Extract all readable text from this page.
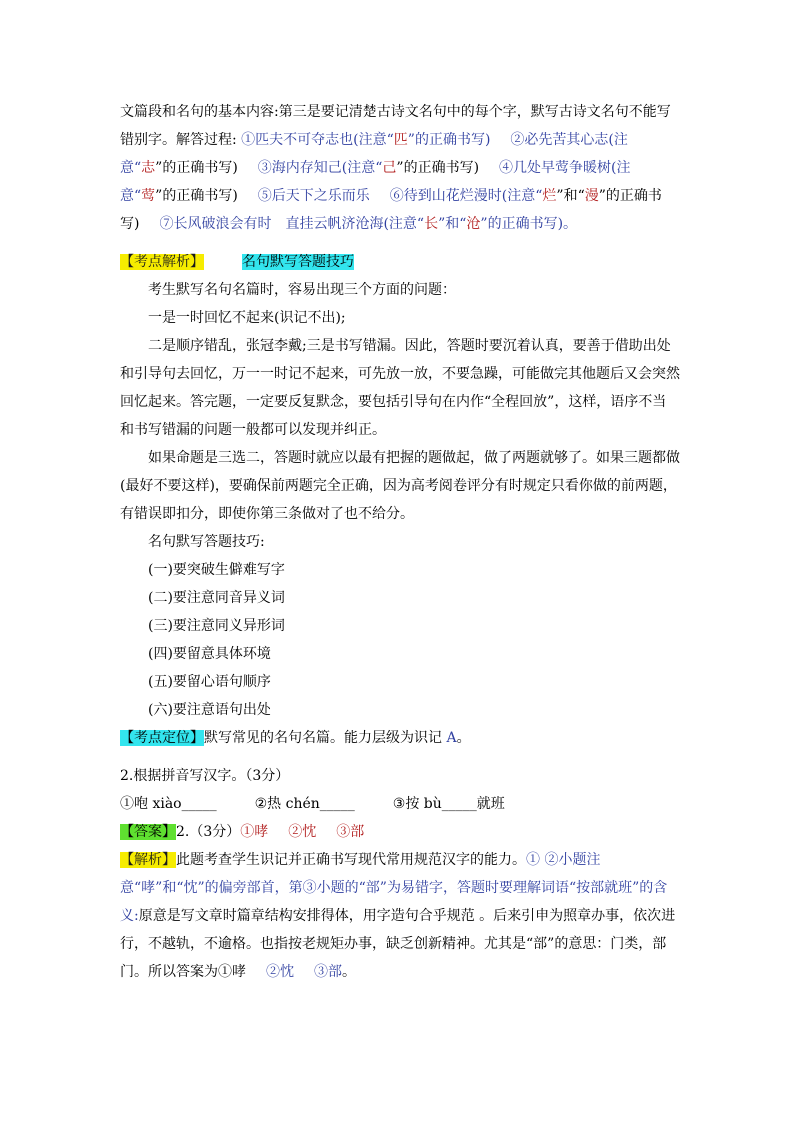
文篇段和名句的基本内容:第三是要记清楚古诗文名句中的每个字，默写古诗文名句不能写错别字。解答过程: ①匹夫不可夺志也(注意“匹”的正确书写) ②必先苦其心志(注意“志”的正确书写) ③海内存知己(注意“己”的正确书写) ④几处早莺争暖树(注意“莺”的正确书写) ⑤后天下之乐而乐 ⑥待到山花烂漫时(注意“烂”和“漫”的正确书写) ⑦长风破浪会有时　直挂云帆济沧海(注意“长”和“沧”的正确书写)。

【考点解析】	名句默写答题技巧

考生默写名句名篇时，容易出现三个方面的问题：

一是一时回忆不起来(识记不出);

二是顺序错乱，张冠李戴;三是书写错漏。因此，答题时要沉着认真，要善于借助出处和引导句去回忆，万一一时记不起来，可先放一放，不要急躁，可能做完其他题后又会突然回忆起来。答完题，一定要反复默念，要包括引导句在内作“全程回放”，这样，语序不当和书写错漏的问题一般都可以发现并纠正。

如果命题是三选二，答题时就应以最有把握的题做起，做了两题就够了。如果三题都做(最好不要这样)，要确保前两题完全正确，因为高考阅卷评分有时规定只看你做的前两题，有错误即扣分，即使你第三条做对了也不给分。

名句默写答题技巧:

(一)要突破生僻难写字

(二)要注意同音异义词

(三)要注意同义异形词

(四)要留意具体环境

(五)要留心语句顺序

(六)要注意语句出处

【考点定位】默写常见的名句名篇。能力层级为识记 A。

2.根据拼音写汉字。（3分）

①咆 xiào_____	②热 chén_____	③按 bù_____就班

【答案】2.（3分）①哮 ②忱 ③部

【解析】此题考查学生识记并正确书写现代常用规范汉字的能力。① ②小题注意“哮”和“忱”的偏旁部首，第③小题的“部”为易错字，答题时要理解词语“按部就班”的含义:原意是写文章时篇章结构安排得体，用字造句合乎规范 。后来引申为照章办事，依次进行，不越轨，不逾格。也指按老规矩办事，缺乏创新精神。尤其是“部”的意思：门类，部门。所以答案为①哮 ②忱 ③部。
